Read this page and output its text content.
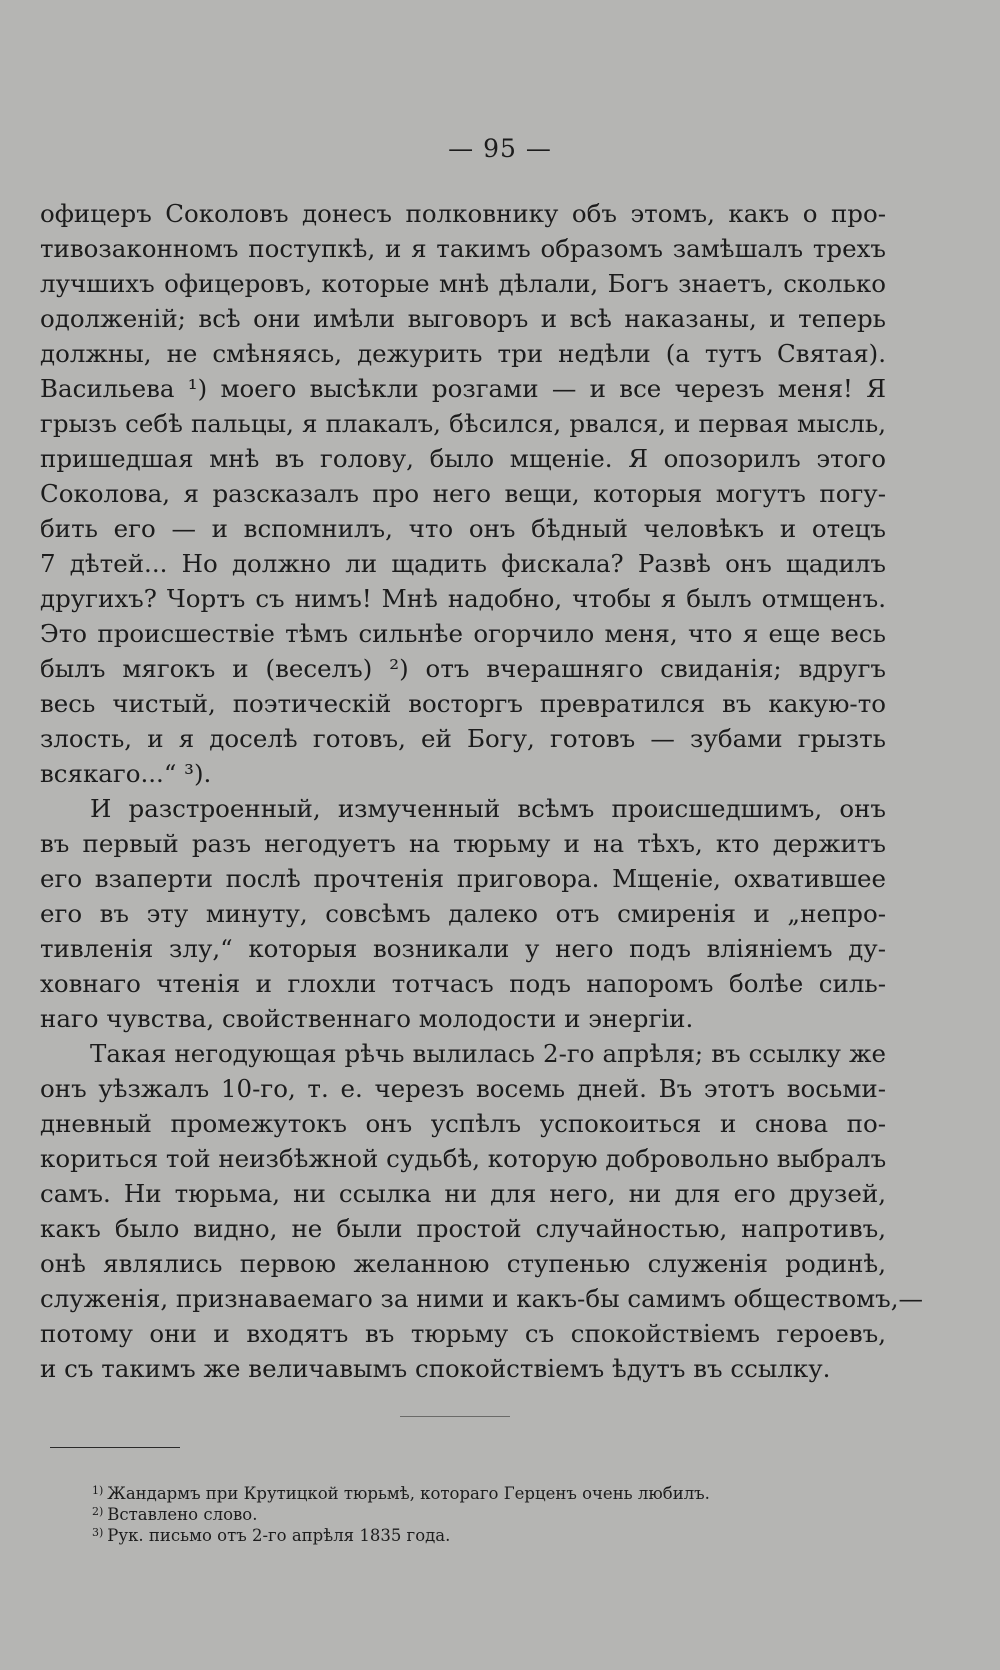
— 95 —
офицеръ Соколовъ донесъ полковнику объ этомъ, какъ о про-
тивозаконномъ поступкѣ, и я такимъ образомъ замѣшалъ трехъ
лучшихъ офицеровъ, которые мнѣ дѣлали, Богъ знаетъ, сколько
одолженій; всѣ они имѣли выговоръ и всѣ наказаны, и теперь
должны, не смѣняясь, дежурить три недѣли (а тутъ Святая).
Васильева ¹) моего высѣкли розгами — и все черезъ меня! Я
грызъ себѣ пальцы, я плакалъ, бѣсился, рвался, и первая мысль,
пришедшая мнѣ въ голову, было мщеніе. Я опозорилъ этого
Соколова, я разсказалъ про него вещи, которыя могутъ погу-
бить его — и вспомнилъ, что онъ бѣдный человѣкъ и отецъ
7 дѣтей... Но должно ли щадить фискала? Развѣ онъ щадилъ
другихъ? Чортъ съ нимъ! Мнѣ надобно, чтобы я былъ отмщенъ.
Это происшествіе тѣмъ сильнѣе огорчило меня, что я еще весь
былъ мягокъ и (веселъ) ²) отъ вчерашняго свиданія; вдругъ
весь чистый, поэтическій восторгъ превратился въ какую-то
злость, и я доселѣ готовъ, ей Богу, готовъ — зубами грызть
всякаго...“ ³).
И разстроенный, измученный всѣмъ происшедшимъ, онъ
въ первый разъ негодуетъ на тюрьму и на тѣхъ, кто держитъ
его взаперти послѣ прочтенія приговора. Мщеніе, охватившее
его въ эту минуту, совсѣмъ далеко отъ смиренія и „непро-
тивленія злу,“ которыя возникали у него подъ вліяніемъ ду-
ховнаго чтенія и глохли тотчасъ подъ напоромъ болѣе силь-
наго чувства, свойственнаго молодости и энергіи.
Такая негодующая рѣчь вылилась 2-го апрѣля; въ ссылку же
онъ уѣзжалъ 10-го, т. е. черезъ восемь дней. Въ этотъ восьми-
дневный промежутокъ онъ успѣлъ успокоиться и снова по-
кориться той неизбѣжной судьбѣ, которую добровольно выбралъ
самъ. Ни тюрьма, ни ссылка ни для него, ни для его друзей,
какъ было видно, не были простой случайностью, напротивъ,
онѣ являлись первою желанною ступенью служенія родинѣ,
служенія, признаваемаго за ними и какъ-бы самимъ обществомъ,—
потому они и входятъ въ тюрьму съ спокойствіемъ героевъ,
и съ такимъ же величавымъ спокойствіемъ ѣдутъ въ ссылку.
$^{1)}$ Жандармъ при Крутицкой тюрьмѣ, котораго Герценъ очень любилъ.
$^{2)}$ Вставлено слово.
$^{3)}$ Рук. письмо отъ 2-го апрѣля 1835 года.
